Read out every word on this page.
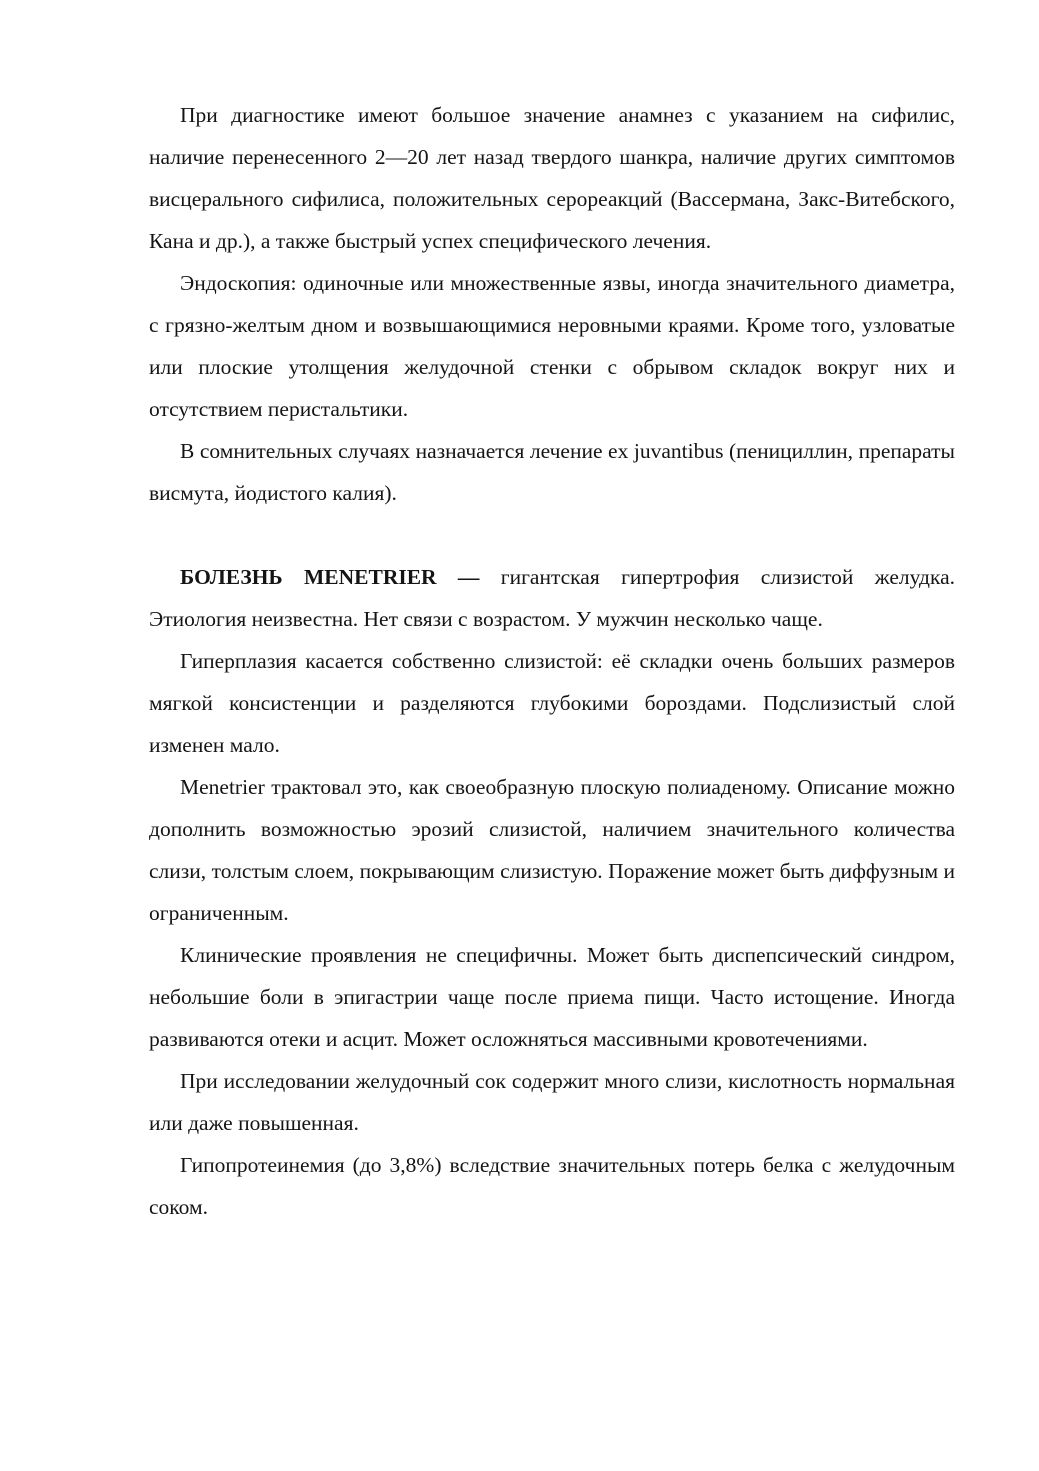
При диагностике имеют большое значение анамнез с указанием на сифилис, наличие перенесенного 2—20 лет назад твердого шанкра, наличие других симптомов висцерального сифилиса, положительных серореакций (Вассермана, Закс-Витебского, Кана и др.), а также быстрый успех специфического лечения.

Эндоскопия: одиночные или множественные язвы, иногда значительного диаметра, с грязно-желтым дном и возвышающимися неровными краями. Кроме того, узловатые или плоские утолщения желудочной стенки с обрывом складок вокруг них и отсутствием перистальтики.

В сомнительных случаях назначается лечение ex juvantibus (пенициллин, препараты висмута, йодистого калия).

БОЛЕЗНЬ MENETRIER — гигантская гипертрофия слизистой желудка. Этиология неизвестна. Нет связи с возрастом. У мужчин несколько чаще.

Гиперплазия касается собственно слизистой: её складки очень больших размеров мягкой консистенции и разделяются глубокими бороздами. Подслизистый слой изменен мало.

Menetrier трактовал это, как своеобразную плоскую полиаденому. Описание можно дополнить возможностью эрозий слизистой, наличием значительного количества слизи, толстым слоем, покрывающим слизистую. Поражение может быть диффузным и ограниченным.

Клинические проявления не специфичны. Может быть диспепсический синдром, небольшие боли в эпигастрии чаще после приема пищи. Часто истощение. Иногда развиваются отеки и асцит. Может осложняться массивными кровотечениями.

При исследовании желудочный сок содержит много слизи, кислотность нормальная или даже повышенная.

Гипопротеинемия (до 3,8%) вследствие значительных потерь белка с желудочным соком.
